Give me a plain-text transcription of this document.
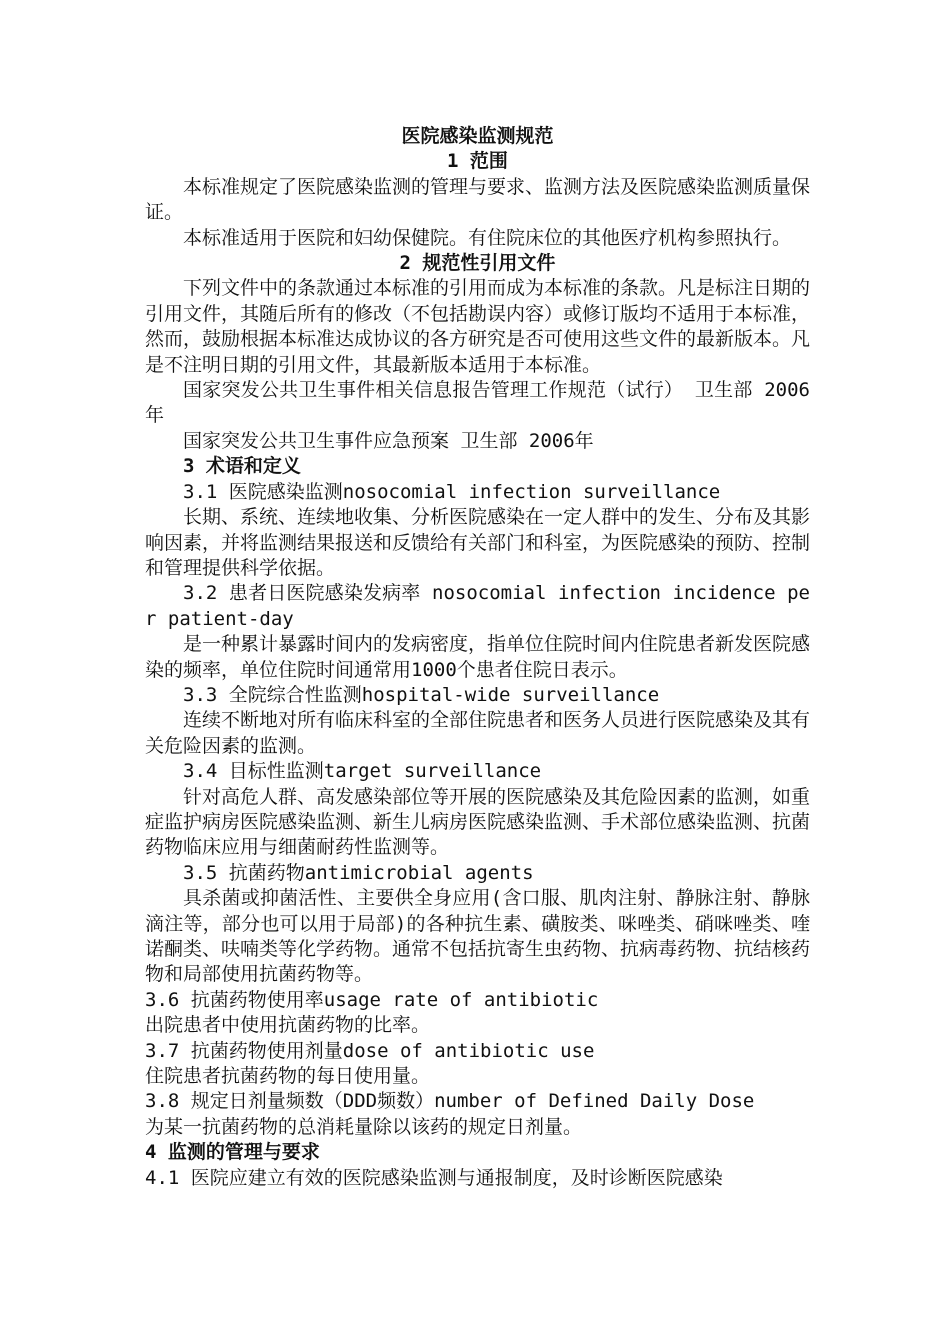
医院感染监测规范

1 范围

本标准规定了医院感染监测的管理与要求、监测方法及医院感染监测质量保证。

本标准适用于医院和妇幼保健院。有住院床位的其他医疗机构参照执行。

2 规范性引用文件

下列文件中的条款通过本标准的引用而成为本标准的条款。凡是标注日期的引用文件，其随后所有的修改（不包括勘误内容）或修订版均不适用于本标准，然而，鼓励根据本标准达成协议的各方研究是否可使用这些文件的最新版本。凡是不注明日期的引用文件，其最新版本适用于本标准。

国家突发公共卫生事件相关信息报告管理工作规范（试行） 卫生部 2006年

国家突发公共卫生事件应急预案 卫生部 2006年

3 术语和定义

3.1 医院感染监测nosocomial infection surveillance

长期、系统、连续地收集、分析医院感染在一定人群中的发生、分布及其影响因素，并将监测结果报送和反馈给有关部门和科室，为医院感染的预防、控制和管理提供科学依据。

3.2 患者日医院感染发病率 nosocomial infection incidence per patient-day

是一种累计暴露时间内的发病密度，指单位住院时间内住院患者新发医院感染的频率，单位住院时间通常用1000个患者住院日表示。

3.3 全院综合性监测hospital-wide surveillance

连续不断地对所有临床科室的全部住院患者和医务人员进行医院感染及其有关危险因素的监测。

3.4 目标性监测target surveillance

针对高危人群、高发感染部位等开展的医院感染及其危险因素的监测，如重症监护病房医院感染监测、新生儿病房医院感染监测、手术部位感染监测、抗菌药物临床应用与细菌耐药性监测等。

3.5 抗菌药物antimicrobial agents

具杀菌或抑菌活性、主要供全身应用(含口服、肌肉注射、静脉注射、静脉滴注等，部分也可以用于局部)的各种抗生素、磺胺类、咪唑类、硝咪唑类、喹诺酮类、呋喃类等化学药物。通常不包括抗寄生虫药物、抗病毒药物、抗结核药物和局部使用抗菌药物等。

3.6 抗菌药物使用率usage rate of antibiotic

出院患者中使用抗菌药物的比率。

3.7 抗菌药物使用剂量dose of antibiotic use

住院患者抗菌药物的每日使用量。

3.8 规定日剂量频数（DDD频数）number of Defined Daily Dose

为某一抗菌药物的总消耗量除以该药的规定日剂量。

4 监测的管理与要求

4.1 医院应建立有效的医院感染监测与通报制度，及时诊断医院感染
